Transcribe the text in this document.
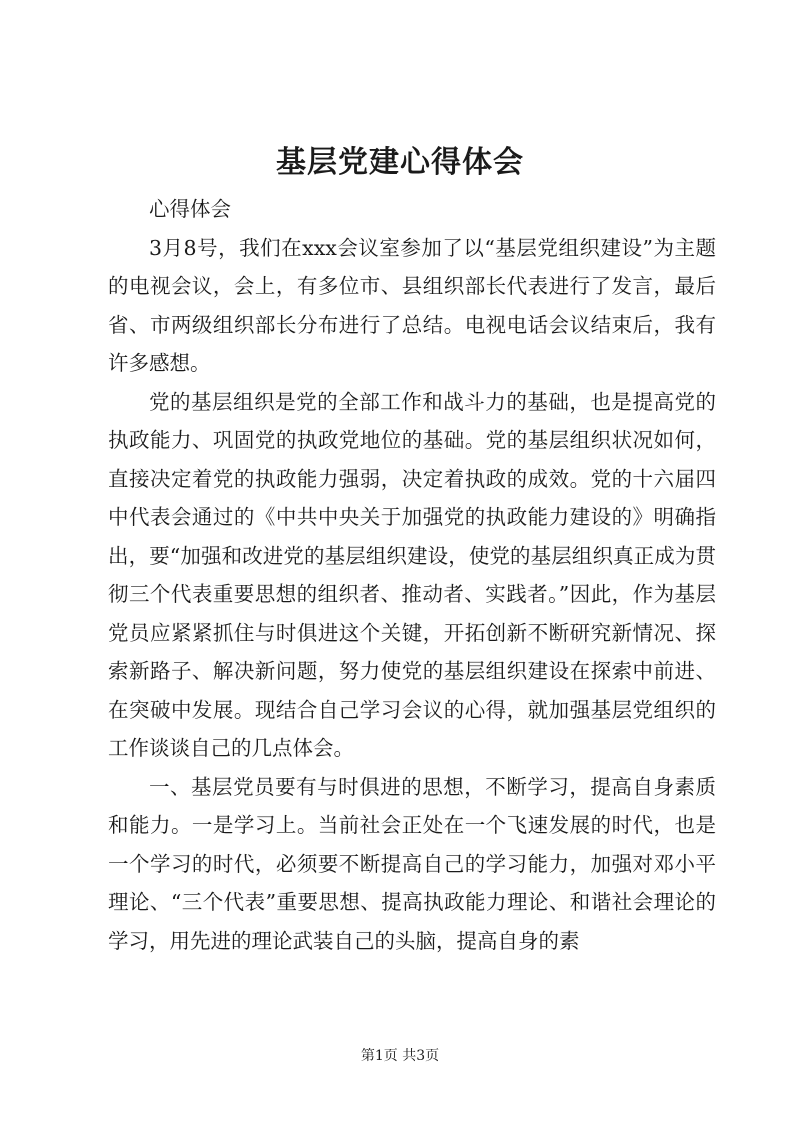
基层党建心得体会

心得体会

3月8号，我们在xxx会议室参加了以“基层党组织建设”为主题的电视会议，会上，有多位市、县组织部长代表进行了发言，最后省、市两级组织部长分布进行了总结。电视电话会议结束后，我有许多感想。

党的基层组织是党的全部工作和战斗力的基础，也是提高党的执政能力、巩固党的执政党地位的基础。党的基层组织状况如何，直接决定着党的执政能力强弱，决定着执政的成效。党的十六届四中代表会通过的《中共中央关于加强党的执政能力建设的》明确指出，要“加强和改进党的基层组织建设，使党的基层组织真正成为贯彻三个代表重要思想的组织者、推动者、实践者。”因此，作为基层党员应紧紧抓住与时俱进这个关键，开拓创新不断研究新情况、探索新路子、解决新问题，努力使党的基层组织建设在探索中前进、在突破中发展。现结合自己学习会议的心得，就加强基层党组织的工作谈谈自己的几点体会。

一、基层党员要有与时俱进的思想，不断学习，提高自身素质和能力。一是学习上。当前社会正处在一个飞速发展的时代，也是一个学习的时代，必须要不断提高自己的学习能力，加强对邓小平理论、“三个代表”重要思想、提高执政能力理论、和谐社会理论的学习，用先进的理论武装自己的头脑，提高自身的素

第1页 共3页
